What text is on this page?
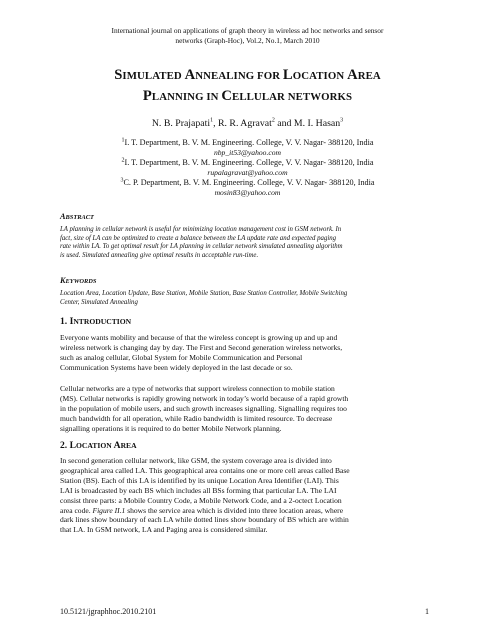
International journal on applications of graph theory in wireless ad hoc networks and sensor
networks (Graph-Hoc), Vol.2, No.1, March 2010
SIMULATED ANNEALING FOR LOCATION AREA
PLANNING IN CELLULAR NETWORKS
N. B. Prajapati$^1$, R. R. Agravat$^2$ and M. I. Hasan$^3$
$^1$I. T. Department, B. V. M. Engineering. College, V. V. Nagar- 388120, India
nbp_it53@yahoo.com
$^2$I. T. Department, B. V. M. Engineering. College, V. V. Nagar- 388120, India
rupalagravat@yahoo.com
$^3$C. P. Department, B. V. M. Engineering. College, V. V. Nagar- 388120, India
mosin83@yahoo.com
ABSTRACT
LA planning in cellular network is useful for minimizing location management cost in GSM network. In
fact, size of LA can be optimized to create a balance between the LA update rate and expected paging
rate within LA. To get optimal result for LA planning in cellular network simulated annealing algorithm
is used. Simulated annealing give optimal results in acceptable run-time.
KEYWORDS
Location Area, Location Update, Base Station, Mobile Station, Base Station Controller, Mobile Switching
Center, Simulated Annealing
1. INTRODUCTION
Everyone wants mobility and because of that the wireless concept is growing up and up and
wireless network is changing day by day. The First and Second generation wireless networks,
such as analog cellular, Global System for Mobile Communication and Personal
Communication Systems have been widely deployed in the last decade or so.
Cellular networks are a type of networks that support wireless connection to mobile station
(MS). Cellular networks is rapidly growing network in today’s world because of a rapid growth
in the population of mobile users, and such growth increases signalling. Signalling requires too
much bandwidth for all operation, while Radio bandwidth is limited resource. To decrease
signalling operations it is required to do better Mobile Network planning.
2. LOCATION AREA
In second generation cellular network, like GSM, the system coverage area is divided into
geographical area called LA. This geographical area contains one or more cell areas called Base
Station (BS). Each of this LA is identified by its unique Location Area Identifier (LAI). This
LAI is broadcasted by each BS which includes all BSs forming that particular LA. The LAI
consist three parts: a Mobile Country Code, a Mobile Network Code, and a 2-octect Location
area code. Figure II.1 shows the service area which is divided into three location areas, where
dark lines show boundary of each LA while dotted lines show boundary of BS which are within
that LA. In GSM network, LA and Paging area is considered similar.
10.5121/jgraphhoc.2010.2101	1
